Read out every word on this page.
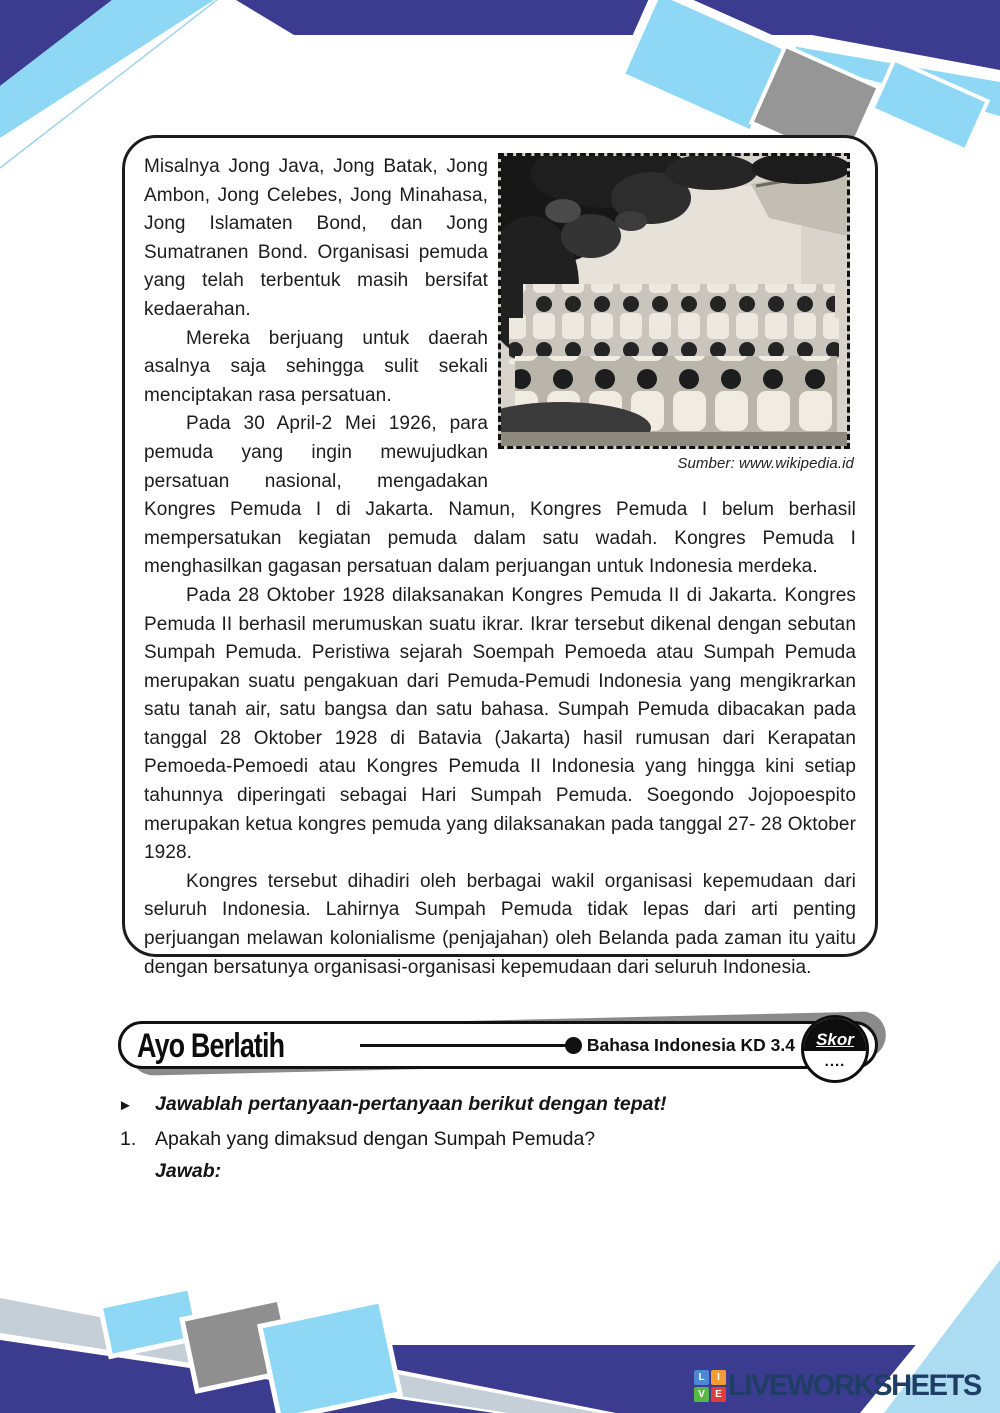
Sumber: www.wikipedia.id

Misalnya Jong Java, Jong Batak, Jong Ambon, Jong Celebes, Jong Minahasa, Jong Islamaten Bond, dan Jong Sumatranen Bond. Organisasi pemuda yang telah terbentuk masih bersifat kedaerahan.

Mereka berjuang untuk daerah asalnya saja sehingga sulit sekali menciptakan rasa persatuan.

Pada 30 April-2 Mei 1926, para pemuda yang ingin mewujudkan persatuan nasional, mengadakan Kongres Pemuda I di Jakarta. Namun, Kongres Pemuda I belum berhasil mempersatukan kegiatan pemuda dalam satu wadah. Kongres Pemuda I menghasilkan gagasan persatuan dalam perjuangan untuk Indonesia merdeka.

Pada 28 Oktober 1928 dilaksanakan Kongres Pemuda II di Jakarta. Kongres Pemuda II berhasil merumuskan suatu ikrar. Ikrar tersebut dikenal dengan sebutan Sumpah Pemuda. Peristiwa sejarah Soempah Pemoeda atau Sumpah Pemuda merupakan suatu pengakuan dari Pemuda-Pemudi Indonesia yang mengikrarkan satu tanah air, satu bangsa dan satu bahasa. Sumpah Pemuda dibacakan pada tanggal 28 Oktober 1928 di Batavia (Jakarta) hasil rumusan dari Kerapatan Pemoeda-Pemoedi atau Kongres Pemuda II Indonesia yang hingga kini setiap tahunnya diperingati sebagai Hari Sumpah Pemuda. Soegondo Jojopoespito merupakan ketua kongres pemuda yang dilaksanakan pada tanggal 27- 28 Oktober 1928.

Kongres tersebut dihadiri oleh berbagai wakil organisasi kepemudaan dari seluruh Indonesia. Lahirnya Sumpah Pemuda tidak lepas dari arti penting perjuangan melawan kolonialisme (penjajahan) oleh Belanda pada zaman itu yaitu dengan bersatunya organisasi-organisasi kepemudaan dari seluruh Indonesia.

Ayo Berlatih	Bahasa Indonesia KD 3.4	Skor
....
►	Jawablah pertanyaan-pertanyaan berikut dengan tepat!
1. Apakah yang dimaksud dengan Sumpah Pemuda?
Jawab:
L	I
V	E LIVEWORKSHEETS
